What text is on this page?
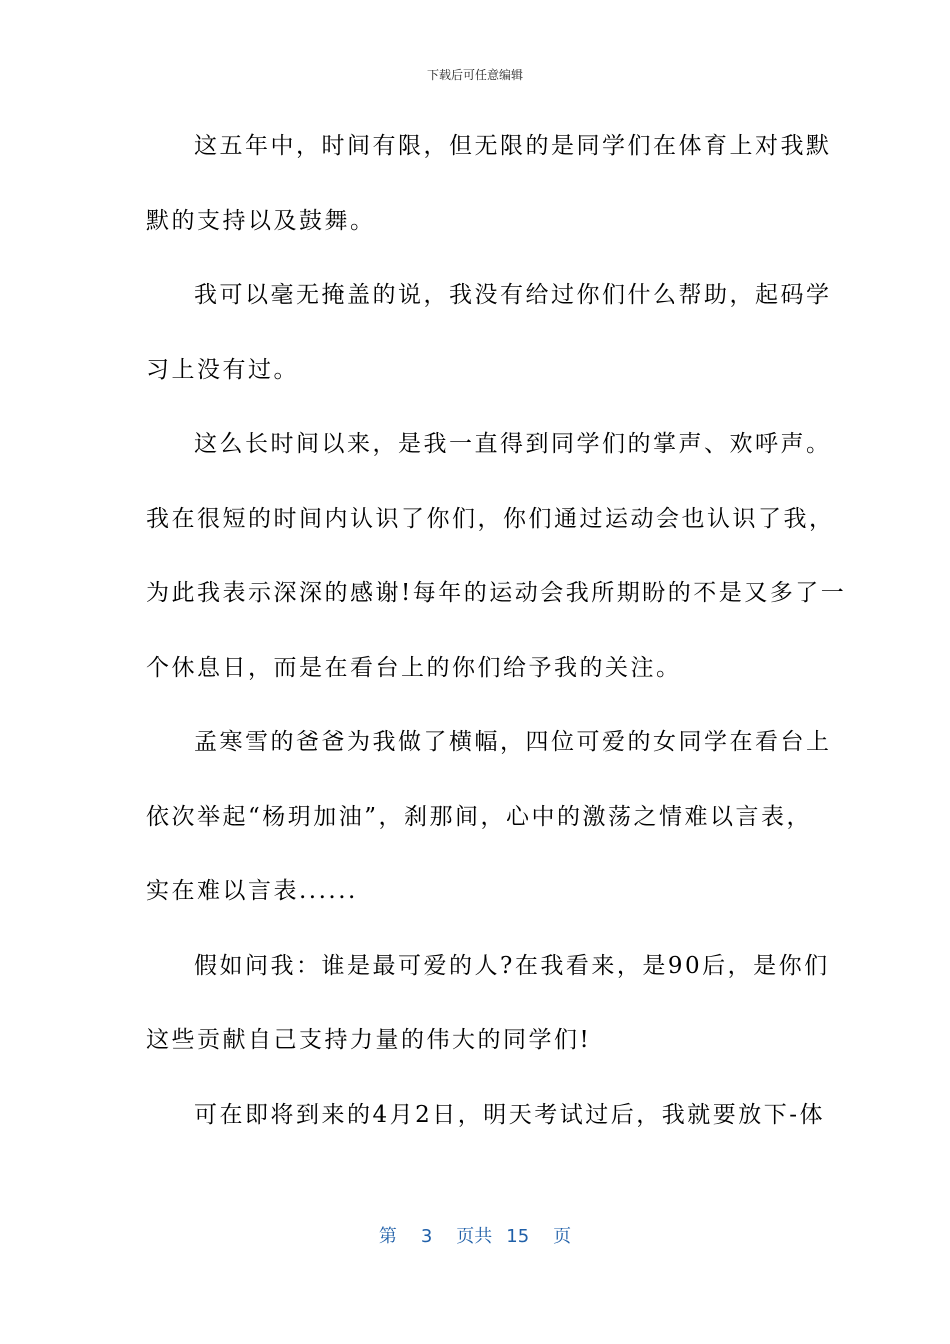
下载后可任意编辑
这五年中，时间有限，但无限的是同学们在体育上对我默
默的支持以及鼓舞。
我可以毫无掩盖的说，我没有给过你们什么帮助，起码学
习上没有过。
这么长时间以来，是我一直得到同学们的掌声、欢呼声。
我在很短的时间内认识了你们，你们通过运动会也认识了我，
为此我表示深深的感谢!每年的运动会我所期盼的不是又多了一
个休息日，而是在看台上的你们给予我的关注。
孟寒雪的爸爸为我做了横幅，四位可爱的女同学在看台上
依次举起“杨玥加油”，刹那间，心中的激荡之情难以言表，
实在难以言表......
假如问我：谁是最可爱的人?在我看来，是90后，是你们
这些贡献自己支持力量的伟大的同学们!
可在即将到来的4月2日，明天考试过后，我就要放下-体
第 3 页共 15 页
